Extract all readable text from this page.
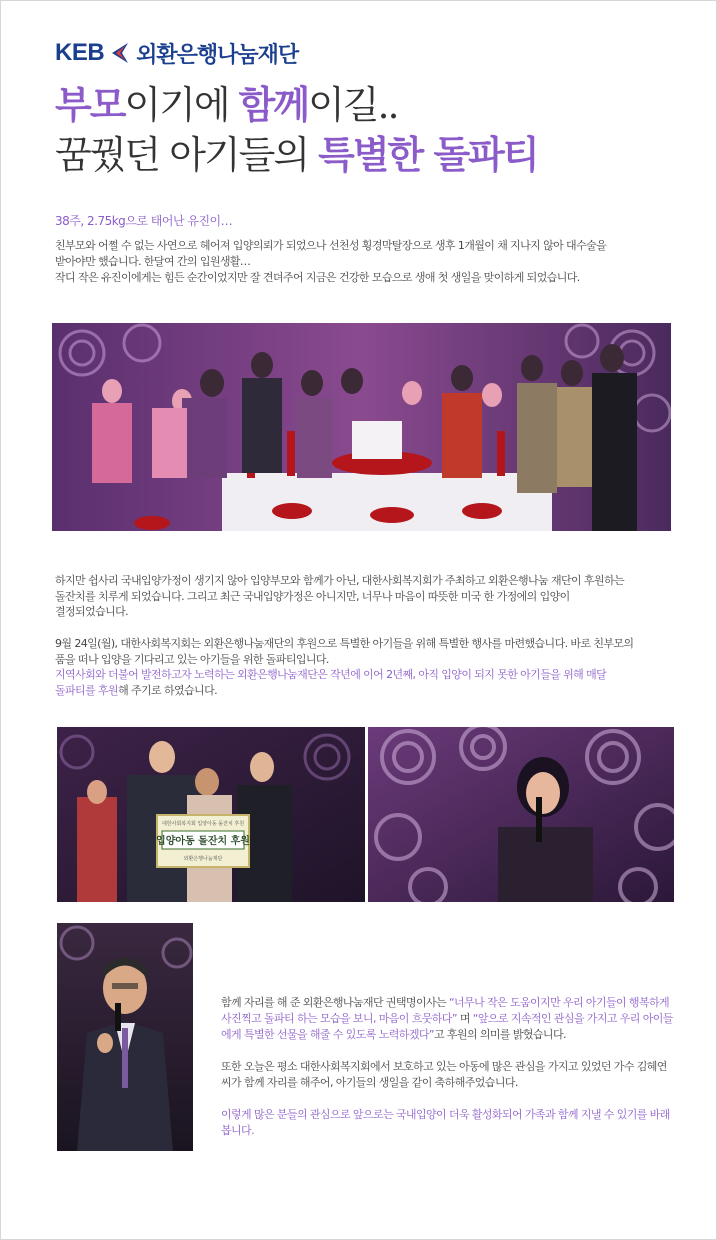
KEB 외환은행나눔재단
부모이기에 함께이길..
꿈꿨던 아기들의 특별한 돌파티
38주, 2.75kg으로 태어난 유진이…

친부모와 어쩔 수 없는 사연으로 헤어져 입양의뢰가 되었으나 선천성 횡경막탈장으로 생후 1개월이 채 지나지 않아 대수술을
받아야만 했습니다. 한달여 간의 입원생활…
작디 작은 유진이에게는 힘든 순간이었지만 잘 견뎌주어 지금은 건강한 모습으로 생애 첫 생일을 맞이하게 되었습니다.

하지만 쉽사리 국내입양가정이 생기지 않아 입양부모와 함께가 아닌, 대한사회복지회가 주최하고 외환은행나눔 재단이 후원하는
돌잔치를 치루게 되었습니다. 그리고 최근 국내입양가정은 아니지만, 너무나 마음이 따뜻한 미국 한 가정에의 입양이
결정되었습니다.

9월 24일(월), 대한사회복지회는 외환은행나눔재단의 후원으로 특별한 아기들을 위해 특별한 행사를 마련했습니다. 바로 친부모의
품을 떠나 입양을 기다리고 있는 아기들을 위한 돌파티입니다.
지역사회와 더불어 발전하고자 노력하는 외환은행나눔재단은 작년에 이어 2년째, 아직 입양이 되지 못한 아기들을 위해 매달
돌파티를 후원해 주기로 하였습니다.

대한사회복지회 입양아동 돌잔치 후원
입양아동 돌잔치 후원
외환은행나눔재단

함께 자리를 해 준 외환은행나눔재단 권택명이사는 “너무나 작은 도움이지만 우리 아기들이 행복하게 사진찍고 돌파티 하는 모습을 보니, 마음이 흐뭇하다” 며 “앞으로 지속적인 관심을 가지고 우리 아이들에게 특별한 선물을 해줄 수 있도록 노력하겠다”고 후원의 의미를 밝혔습니다.

또한 오늘은 평소 대한사회복지회에서 보호하고 있는 아동에 많은 관심을 가지고 있었던 가수 김혜연씨가 함께 자리를 해주어, 아기들의 생일을 같이 축하해주었습니다.

이렇게 많은 분들의 관심으로 앞으로는 국내입양이 더욱 활성화되어 가족과 함께 지낼 수 있기를 바래봅니다.
